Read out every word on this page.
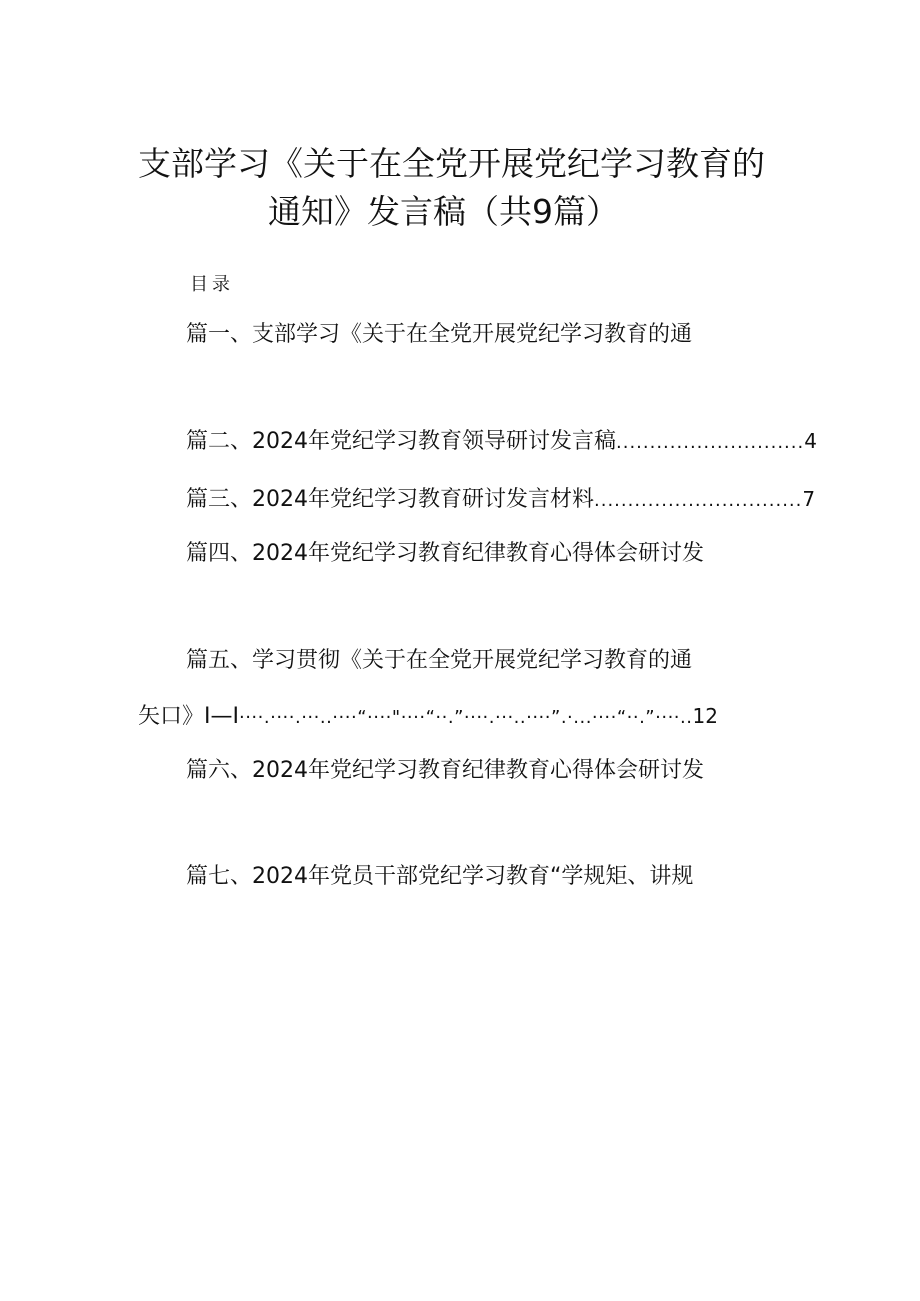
支部学习《关于在全党开展党纪学习教育的
通知》发言稿（共9篇）
目录
篇一、支部学习《关于在全党开展党纪学习教育的通
篇二、2024年党纪学习教育领导研讨发言稿 ............................ 4
篇三、2024年党纪学习教育研讨发言材料 ............................... 7
篇四、2024年党纪学习教育纪律教育心得体会研讨发
篇五、学习贯彻《关于在全党开展党纪学习教育的通
矢口》I—I····.····.···..····“····"····“··.”····.···..····”.·...····“··.”····..12
篇六、2024年党纪学习教育纪律教育心得体会研讨发
篇七、2024年党员干部党纪学习教育“学规矩、讲规
